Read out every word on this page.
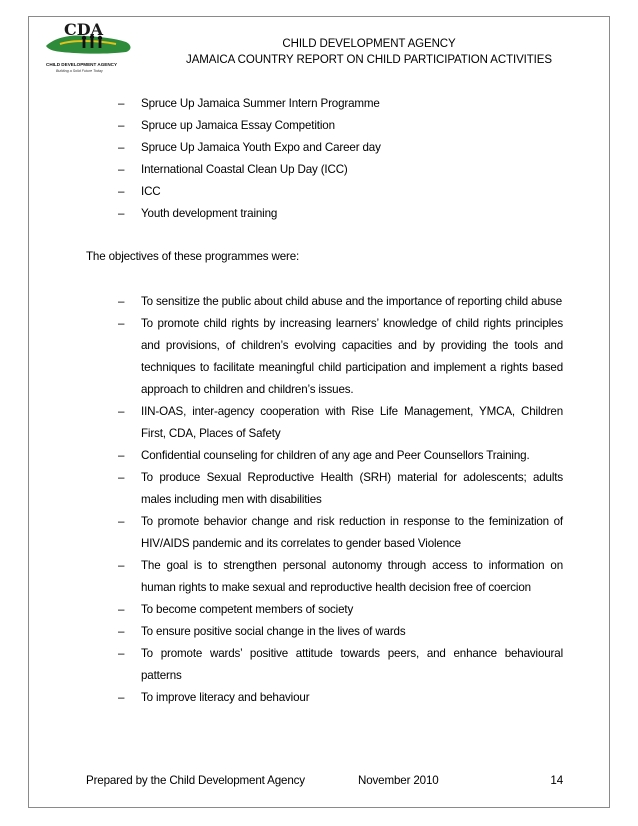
CDA
CHILD DEVELOPMENT AGENCY
Building a Solid Future Today
CHILD DEVELOPMENT AGENCY
JAMAICA COUNTRY REPORT ON CHILD PARTICIPATION ACTIVITIES
– Spruce Up Jamaica Summer Intern Programme
– Spruce up Jamaica Essay Competition
– Spruce Up Jamaica Youth Expo and Career day
– International Coastal Clean Up Day (ICC)
– ICC
– Youth development training
The objectives of these programmes were:
– To sensitize the public about child abuse and the importance of reporting child abuse
– To promote child rights by increasing learners’ knowledge of child rights principles and provisions, of children’s evolving capacities and by providing the tools and techniques to facilitate meaningful child participation and implement a rights based approach to children and children’s issues.
– IIN-OAS, inter-agency cooperation with Rise Life Management, YMCA, Children First, CDA, Places of Safety
– Confidential counseling for children of any age and Peer Counsellors Training.
– To produce Sexual Reproductive Health (SRH) material for adolescents; adults males including men with disabilities
– To promote behavior change and risk reduction in response to the feminization of HIV/AIDS pandemic and its correlates to gender based Violence
– The goal is to strengthen personal autonomy through access to information on human rights to make sexual and reproductive health decision free of coercion
– To become competent members of society
– To ensure positive social change in the lives of wards
– To promote wards’ positive attitude towards peers, and enhance behavioural patterns
– To improve literacy and behaviour
Prepared by the Child Development Agency	November 2010	14
